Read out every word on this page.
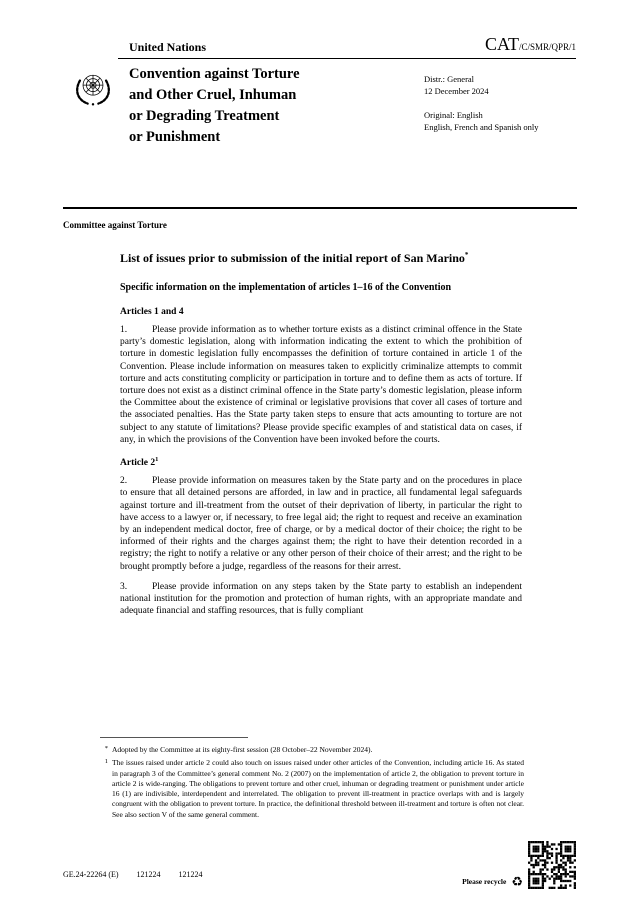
United Nations	CAT/C/SMR/QPR/1
Convention against Torture
and Other Cruel, Inhuman
or Degrading Treatment
or Punishment
Distr.: General
12 December 2024
Original: English
English, French and Spanish only
Committee against Torture
List of issues prior to submission of the initial report of San Marino*
Specific information on the implementation of articles 1–16 of the Convention
Articles 1 and 4

1.	Please provide information as to whether torture exists as a distinct criminal offence in the State party’s domestic legislation, along with information indicating the extent to which the prohibition of torture in domestic legislation fully encompasses the definition of torture contained in article 1 of the Convention. Please include information on measures taken to explicitly criminalize attempts to commit torture and acts constituting complicity or participation in torture and to define them as acts of torture. If torture does not exist as a distinct criminal offence in the State party’s domestic legislation, please inform the Committee about the existence of criminal or legislative provisions that cover all cases of torture and the associated penalties. Has the State party taken steps to ensure that acts amounting to torture are not subject to any statute of limitations? Please provide specific examples of and statistical data on cases, if any, in which the provisions of the Convention have been invoked before the courts.

Article $2^1$

2.	Please provide information on measures taken by the State party and on the procedures in place to ensure that all detained persons are afforded, in law and in practice, all fundamental legal safeguards against torture and ill-treatment from the outset of their deprivation of liberty, in particular the right to have access to a lawyer or, if necessary, to free legal aid; the right to request and receive an examination by an independent medical doctor, free of charge, or by a medical doctor of their choice; the right to be informed of their rights and the charges against them; the right to have their detention recorded in a registry; the right to notify a relative or any other person of their choice of their arrest; and the right to be brought promptly before a judge, regardless of the reasons for their arrest.

3.	Please provide information on any steps taken by the State party to establish an independent national institution for the promotion and protection of human rights, with an appropriate mandate and adequate financial and staffing resources, that is fully compliant

* Adopted by the Committee at its eighty-first session (28 October–22 November 2024).
1 The issues raised under article 2 could also touch on issues raised under other articles of the Convention, including article 16. As stated in paragraph 3 of the Committee’s general comment No. 2 (2007) on the implementation of article 2, the obligation to prevent torture in article 2 is wide-ranging. The obligations to prevent torture and other cruel, inhuman or degrading treatment or punishment under article 16 (1) are indivisible, interdependent and interrelated. The obligation to prevent ill-treatment in practice overlaps with and is largely congruent with the obligation to prevent torture. In practice, the definitional threshold between ill-treatment and torture is often not clear. See also section V of the same general comment.
GE.24-22264 (E) 121224 121224
Please recycle ♻
